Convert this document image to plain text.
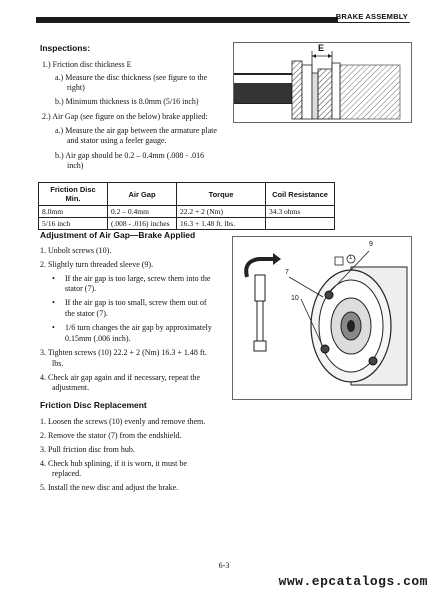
BRAKE ASSEMBLY
Inspections:
1.) Friction disc thickness E
a.) Measure the disc thickness (see figure to the
right)
b.) Minimum thickness is 8.0mm (5/16 inch)
2.) Air Gap (see figure on the below) brake applied:
a.) Measure the air gap between the armature plate
and stator using a feeler gauge.
b.) Air gap should be 0.2 – 0.4mm (.008 - .016
inch)
E
Friction Disc Min.	Air Gap	Torque	Coil Resistance
8.0mm	0.2 – 0.4mm	22.2 + 2 (Nm)	34.3 ohms
5/16 inch	(.008 - .016) inches	16.3 + 1.48 ft. lbs.	
Adjustment of Air Gap—Brake Applied
1. Unbolt screws (10).
2. Slightly turn threaded sleeve (9).
• If the air gap is too large, screw them into the
stator (7).
• If the air gap is too small, screw them out of
the stator (7).
• 1/6 turn changes the air gap by approximately
0.15mm (.006 inch).
3. Tighten screws (10) 22.2 + 2 (Nm) 16.3 + 1.48 ft.
lbs.
4. Check air gap again and if necessary, repeat the
adjustment.
9
7
10
1
Friction Disc Replacement
1. Loosen the screws (10) evenly and remove them.
2. Remove the stator (7) from the endshield.
3. Pull friction disc from hub.
4. Check hub splining, if it is worn, it must be
replaced.
5. Install the new disc and adjust the brake.
6-3
www.epcatalogs.com
